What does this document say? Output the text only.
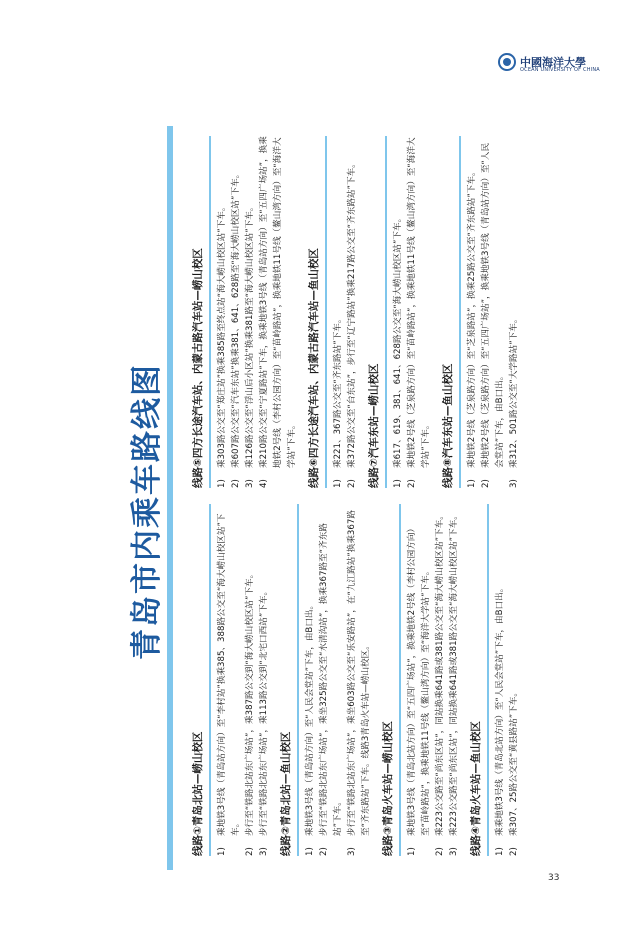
中國海洋大學
OCEAN UNIVERSITY OF CHINA
青岛市内乘车路线图
线路
①
青岛北站—崂山校区
1)
乘地铁3号线（青岛站方向）至“李村站”换乘385、388路公交至“海大崂山校区站”下车。
2)
步行至“铁路北站东广场站”，乘387路公交到“海大崂山校区站”下车。
3)
步行至“铁路北站东广场站”，乘113路公交到“北宅口西站”下车。
线路
②
青岛北站—鱼山校区
1)
乘地铁3号线（青岛站方向）至“人民会堂站”下车，由B口出。
2)
步行至“铁路北站东广场站”，乘坐325路公交至“水清沟站”，换乘367路至“齐东路站”下车。
3)
步行至“铁路北站东广场站”，乘坐603路公交至“乐安路站”，在“九江路站”换乘367路至“齐东路站”下车。线路3青岛火车站—崂山校区。
线路
③
青岛火车站—崂山校区
1)
乘地铁3号线（青岛北站方向）至“五四广场站”，换乘地铁2号线（李村公园方向）至“苗岭路站”，换乘地铁11号线（鳌山湾方向）至“海洋大学站”下车。
2)
乘223公交路至“尚东区站”，同站换乘641路或381路公交至“海大崂山校区站”下车。
3)
乘223公交路至“尚东区站”，同站换乘641路或381路公交至“海大崂山校区站”下车。
线路
④
青岛火车站—鱼山校区
1)
乘乘地铁3号线（青岛北站方向）至“人民会堂站”下车，由B口出。
2)
乘307、25路公交至“黄县路站”下车。
线路
⑤
四方长途汽车站、内蒙古路汽车站—崂山校区
1)
乘303路公交至“郑庄站”换乘385路至终点站“海大崂山校区站”下车。
2)
乘607路公交至“汽车东站”换乘381、641、628路至“海大崂山校区站”下车。
3)
乘126路公交至“浮山后小区站”换乘381路至“海大崂山校区站”下车。
4)
乘210路公交至“宁夏路站”下车，换乘地铁3号线（青岛站方向）至“五四广场站”，换乘地铁2号线（李村公园方向）至“苗岭路站”，换乘地铁11号线（鳌山湾方向）至“海洋大学站”下车。
线路
⑥
四方长途汽车站、内蒙古路汽车站—鱼山校区
1)
乘221、367路公交至“齐东路站”下车。
2)
乘372路公交至“台东站”，步行至“辽宁路站”换乘217路公交至“齐东路站”下车。
线路
⑦
汽车东站—崂山校区
1)
乘617、619、381、641、628路公交至“海大崂山校区站”下车。
2)
乘地铁2号线（芝泉路方向）至“苗岭路站”，换乘地铁11号线（鳌山湾方向）至“海洋大学站”下车。
线路
⑧
汽车东站—鱼山校区
1)
乘地铁2号线（芝泉路方向）至“芝泉路站”，换乘25路公交至“齐东路站”下车。
2)
乘地铁2号线（芝泉路方向）至“五四广场站”，换乘地铁3号线（青岛站方向）至“人民会堂站”下车，由B口出。
3)
乘312、501路公交至“大学路站”下车。
33
